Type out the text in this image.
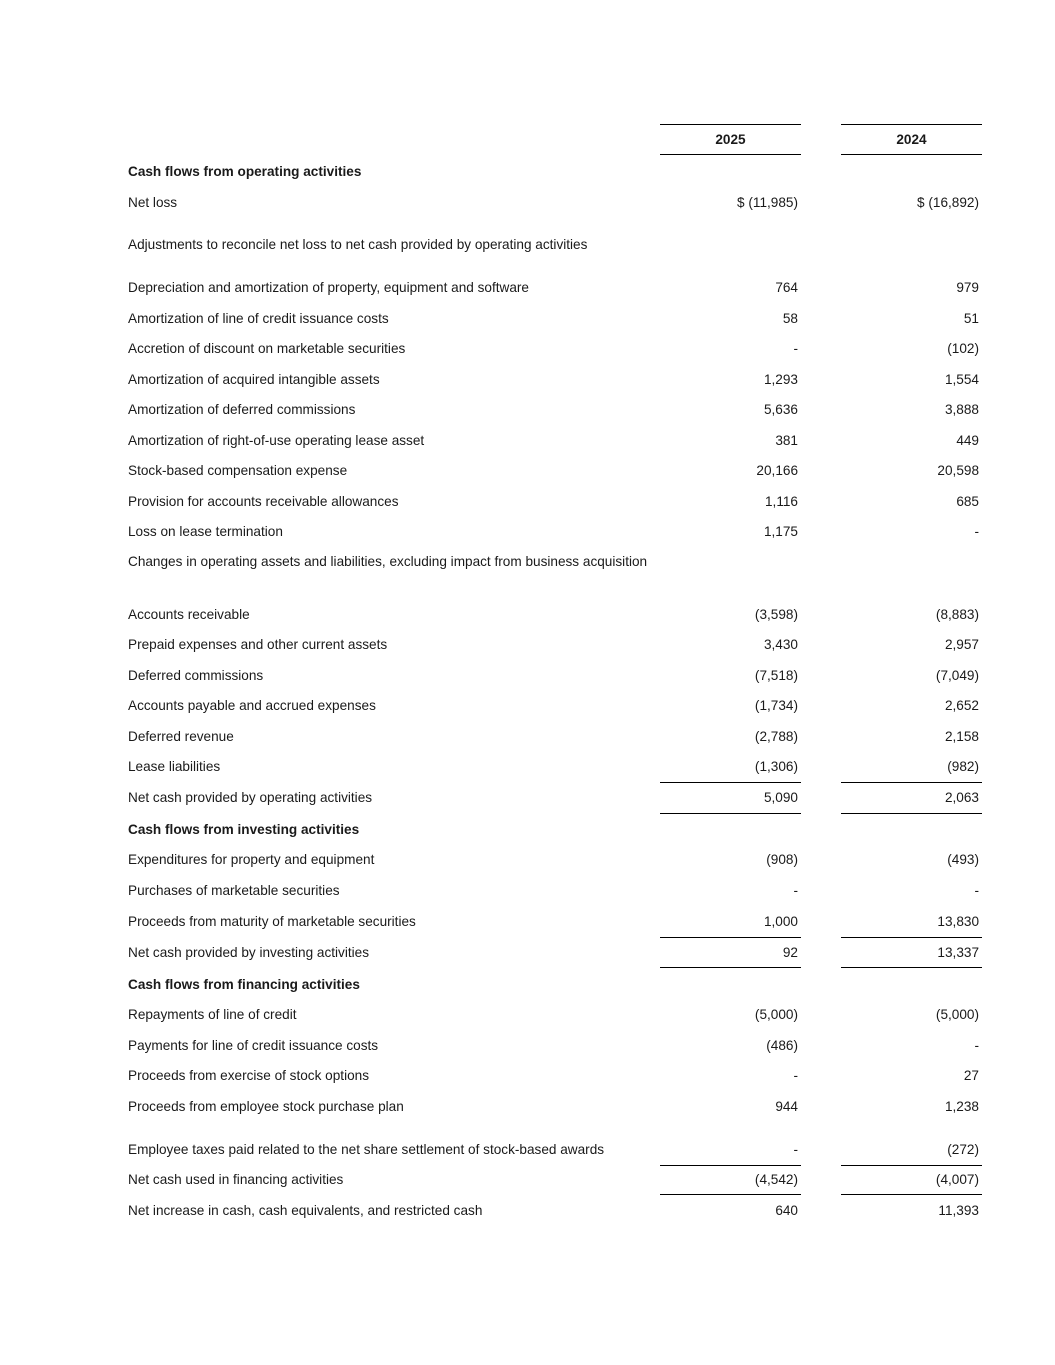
2025	2024
Cash flows from operating activities
Net loss	$ (11,985)	$ (16,892)
Adjustments to reconcile net loss to net cash provided by operating activities
Depreciation and amortization of property, equipment and software	764	979
Amortization of line of credit issuance costs	58	51
Accretion of discount on marketable securities	-	(102)
Amortization of acquired intangible assets	1,293	1,554
Amortization of deferred commissions	5,636	3,888
Amortization of right-of-use operating lease asset	381	449
Stock-based compensation expense	20,166	20,598
Provision for accounts receivable allowances	1,116	685
Loss on lease termination	1,175	-
Changes in operating assets and liabilities, excluding impact from business acquisition
Accounts receivable	(3,598)	(8,883)
Prepaid expenses and other current assets	3,430	2,957
Deferred commissions	(7,518)	(7,049)
Accounts payable and accrued expenses	(1,734)	2,652
Deferred revenue	(2,788)	2,158
Lease liabilities	(1,306)	(982)
Net cash provided by operating activities	5,090	2,063
Cash flows from investing activities
Expenditures for property and equipment	(908)	(493)
Purchases of marketable securities	-	-
Proceeds from maturity of marketable securities	1,000	13,830
Net cash provided by investing activities	92	13,337
Cash flows from financing activities
Repayments of line of credit	(5,000)	(5,000)
Payments for line of credit issuance costs	(486)	-
Proceeds from exercise of stock options	-	27
Proceeds from employee stock purchase plan	944	1,238
Employee taxes paid related to the net share settlement of stock-based awards	-	(272)
Net cash used in financing activities	(4,542)	(4,007)
Net increase in cash, cash equivalents, and restricted cash	640	11,393
